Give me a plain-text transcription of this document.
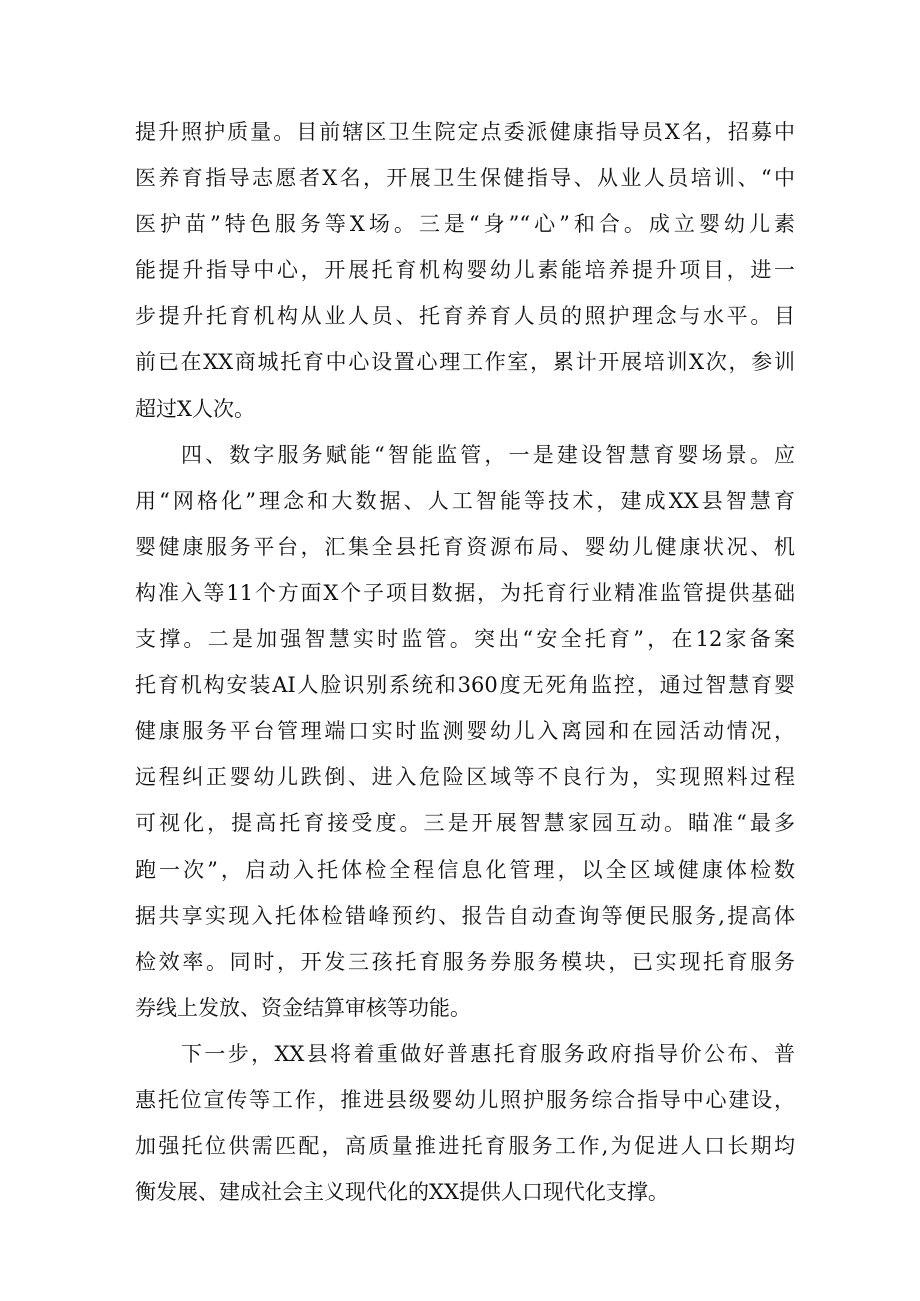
提升照护质量。目前辖区卫生院定点委派健康指导员X名，招募中
医养育指导志愿者X名，开展卫生保健指导、从业人员培训、“中
医护苗”特色服务等X场。三是“身”“心”和合。成立婴幼儿素
能提升指导中心，开展托育机构婴幼儿素能培养提升项目，进一
步提升托育机构从业人员、托育养育人员的照护理念与水平。目
前已在XX商城托育中心设置心理工作室，累计开展培训X次，参训
超过X人次。
四、数字服务赋能“智能监管，一是建设智慧育婴场景。应
用“网格化”理念和大数据、人工智能等技术，建成XX县智慧育
婴健康服务平台，汇集全县托育资源布局、婴幼儿健康状况、机
构准入等11个方面X个子项目数据，为托育行业精准监管提供基础
支撑。二是加强智慧实时监管。突出“安全托育”，在12家备案
托育机构安装AI人脸识别系统和360度无死角监控，通过智慧育婴
健康服务平台管理端口实时监测婴幼儿入离园和在园活动情况，
远程纠正婴幼儿跌倒、进入危险区域等不良行为，实现照料过程
可视化，提高托育接受度。三是开展智慧家园互动。瞄准“最多
跑一次”，启动入托体检全程信息化管理，以全区域健康体检数
据共享实现入托体检错峰预约、报告自动查询等便民服务,提高体
检效率。同时，开发三孩托育服务券服务模块，已实现托育服务
券线上发放、资金结算审核等功能。
下一步，XX县将着重做好普惠托育服务政府指导价公布、普
惠托位宣传等工作，推进县级婴幼儿照护服务综合指导中心建设，
加强托位供需匹配，高质量推进托育服务工作,为促进人口长期均
衡发展、建成社会主义现代化的XX提供人口现代化支撑。
